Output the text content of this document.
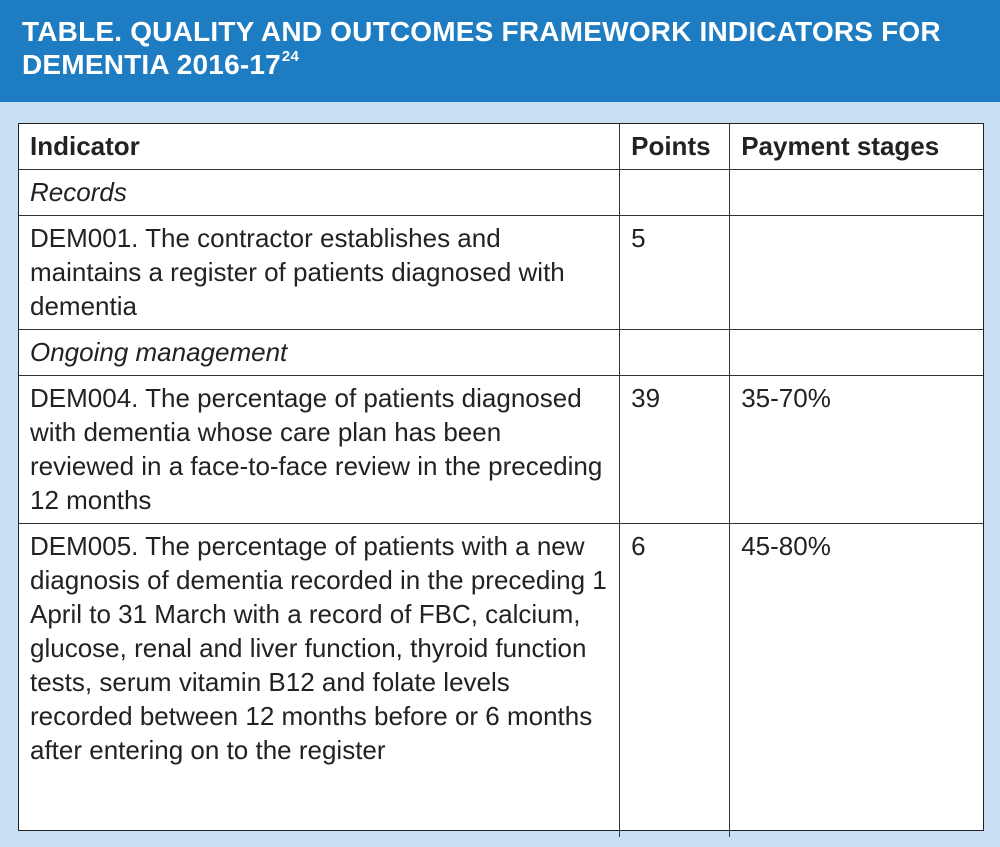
TABLE. QUALITY AND OUTCOMES FRAMEWORK INDICATORS FOR DEMENTIA $2016-17^{24}$
Indicator	Points	Payment stages
Records		
DEM001. The contractor establishes and maintains a register of patients diagnosed with dementia	5	
Ongoing management		
DEM004. The percentage of patients diagnosed with dementia whose care plan has been reviewed in a face-to-face review in the preceding 12 months	39	35-70%
DEM005. The percentage of patients with a new diagnosis of dementia recorded in the preceding 1 April to 31 March with a record of FBC, calcium, glucose, renal and liver function, thyroid function tests, serum vitamin B12 and folate levels recorded between 12 months before or 6 months after entering on to the register	6	45-80%
